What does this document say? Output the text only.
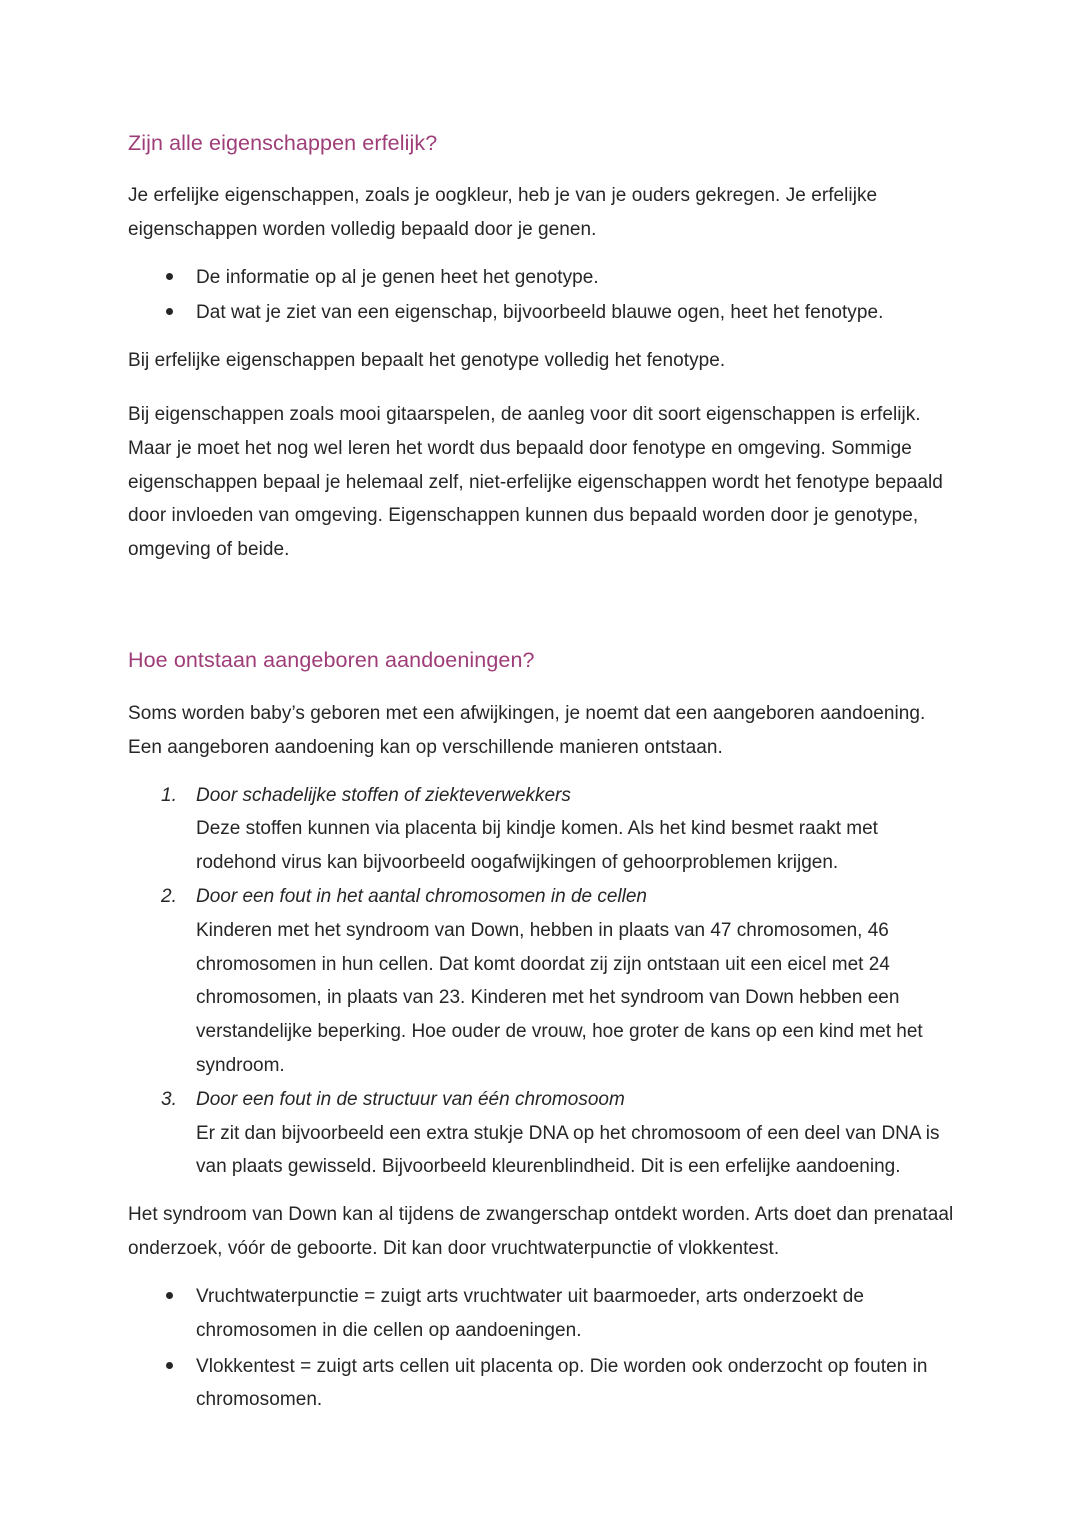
Zijn alle eigenschappen erfelijk?

Je erfelijke eigenschappen, zoals je oogkleur, heb je van je ouders gekregen. Je erfelijke eigenschappen worden volledig bepaald door je genen.

De informatie op al je genen heet het genotype.
Dat wat je ziet van een eigenschap, bijvoorbeeld blauwe ogen, heet het fenotype.

Bij erfelijke eigenschappen bepaalt het genotype volledig het fenotype.

Bij eigenschappen zoals mooi gitaarspelen, de aanleg voor dit soort eigenschappen is erfelijk. Maar je moet het nog wel leren het wordt dus bepaald door fenotype en omgeving. Sommige eigenschappen bepaal je helemaal zelf, niet-erfelijke eigenschappen wordt het fenotype bepaald door invloeden van omgeving. Eigenschappen kunnen dus bepaald worden door je genotype, omgeving of beide.

Hoe ontstaan aangeboren aandoeningen?

Soms worden baby’s geboren met een afwijkingen, je noemt dat een aangeboren aandoening. Een aangeboren aandoening kan op verschillende manieren ontstaan.

1. Door schadelijke stoffen of ziekteverwekkers
Deze stoffen kunnen via placenta bij kindje komen. Als het kind besmet raakt met rodehond virus kan bijvoorbeeld oogafwijkingen of gehoorproblemen krijgen.
2. Door een fout in het aantal chromosomen in de cellen
Kinderen met het syndroom van Down, hebben in plaats van 47 chromosomen, 46 chromosomen in hun cellen. Dat komt doordat zij zijn ontstaan uit een eicel met 24 chromosomen, in plaats van 23. Kinderen met het syndroom van Down hebben een verstandelijke beperking. Hoe ouder de vrouw, hoe groter de kans op een kind met het syndroom.
3. Door een fout in de structuur van één chromosoom
Er zit dan bijvoorbeeld een extra stukje DNA op het chromosoom of een deel van DNA is van plaats gewisseld. Bijvoorbeeld kleurenblindheid. Dit is een erfelijke aandoening.

Het syndroom van Down kan al tijdens de zwangerschap ontdekt worden. Arts doet dan prenataal onderzoek, vóór de geboorte. Dit kan door vruchtwaterpunctie of vlokkentest.

Vruchtwaterpunctie = zuigt arts vruchtwater uit baarmoeder, arts onderzoekt de chromosomen in die cellen op aandoeningen.
Vlokkentest = zuigt arts cellen uit placenta op. Die worden ook onderzocht op fouten in chromosomen.
